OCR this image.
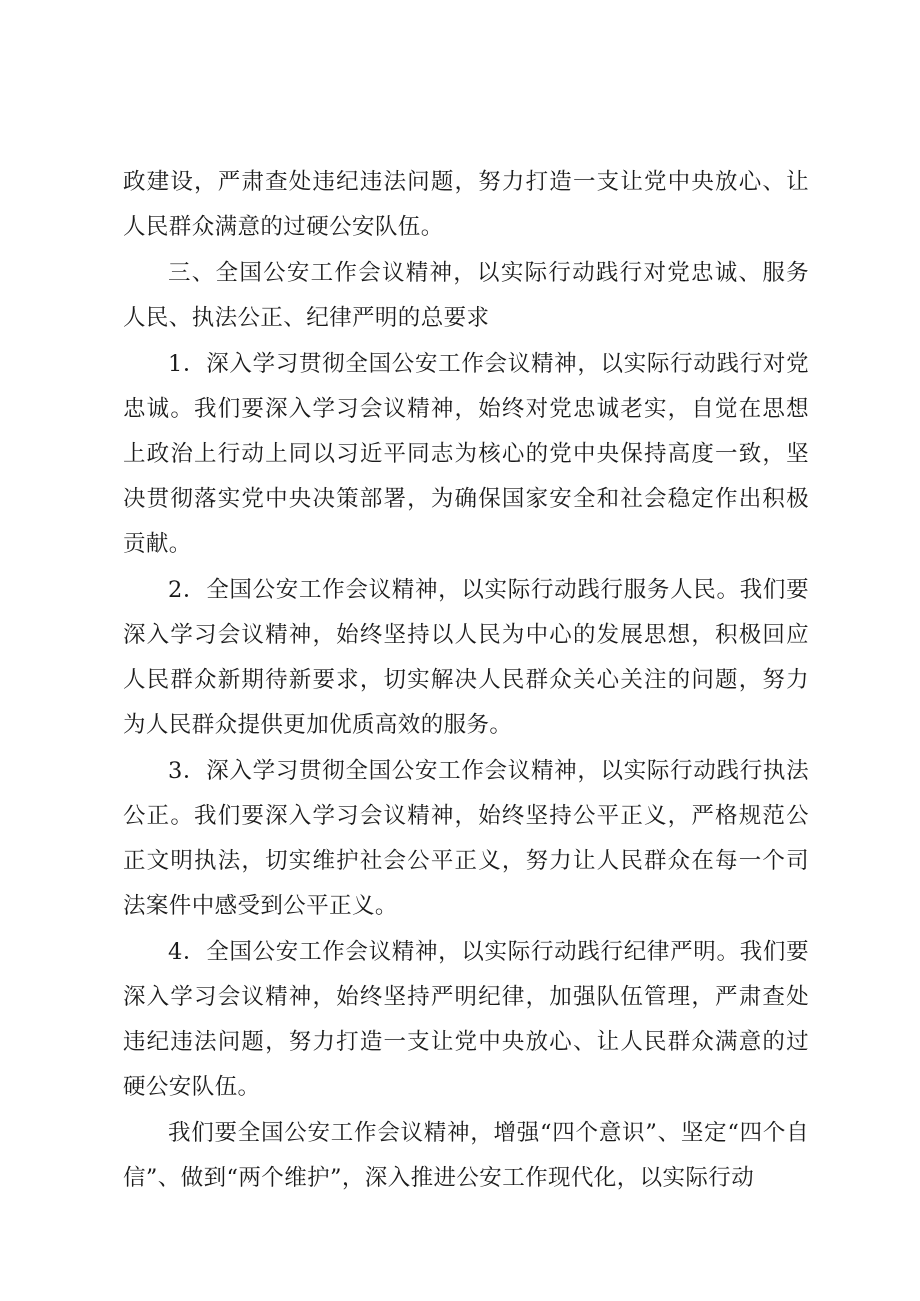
政建设，严肃查处违纪违法问题，努力打造一支让党中央放心、让人民群众满意的过硬公安队伍。

三、全国公安工作会议精神，以实际行动践行对党忠诚、服务人民、执法公正、纪律严明的总要求

1．深入学习贯彻全国公安工作会议精神，以实际行动践行对党忠诚。我们要深入学习会议精神，始终对党忠诚老实，自觉在思想上政治上行动上同以习近平同志为核心的党中央保持高度一致，坚决贯彻落实党中央决策部署，为确保国家安全和社会稳定作出积极贡献。

2．全国公安工作会议精神，以实际行动践行服务人民。我们要深入学习会议精神，始终坚持以人民为中心的发展思想，积极回应人民群众新期待新要求，切实解决人民群众关心关注的问题，努力为人民群众提供更加优质高效的服务。

3．深入学习贯彻全国公安工作会议精神，以实际行动践行执法公正。我们要深入学习会议精神，始终坚持公平正义，严格规范公正文明执法，切实维护社会公平正义，努力让人民群众在每一个司法案件中感受到公平正义。

4．全国公安工作会议精神，以实际行动践行纪律严明。我们要深入学习会议精神，始终坚持严明纪律，加强队伍管理，严肃查处违纪违法问题，努力打造一支让党中央放心、让人民群众满意的过硬公安队伍。

我们要全国公安工作会议精神，增强“四个意识”、坚定“四个自信”、做到“两个维护”，深入推进公安工作现代化，以实际行动
